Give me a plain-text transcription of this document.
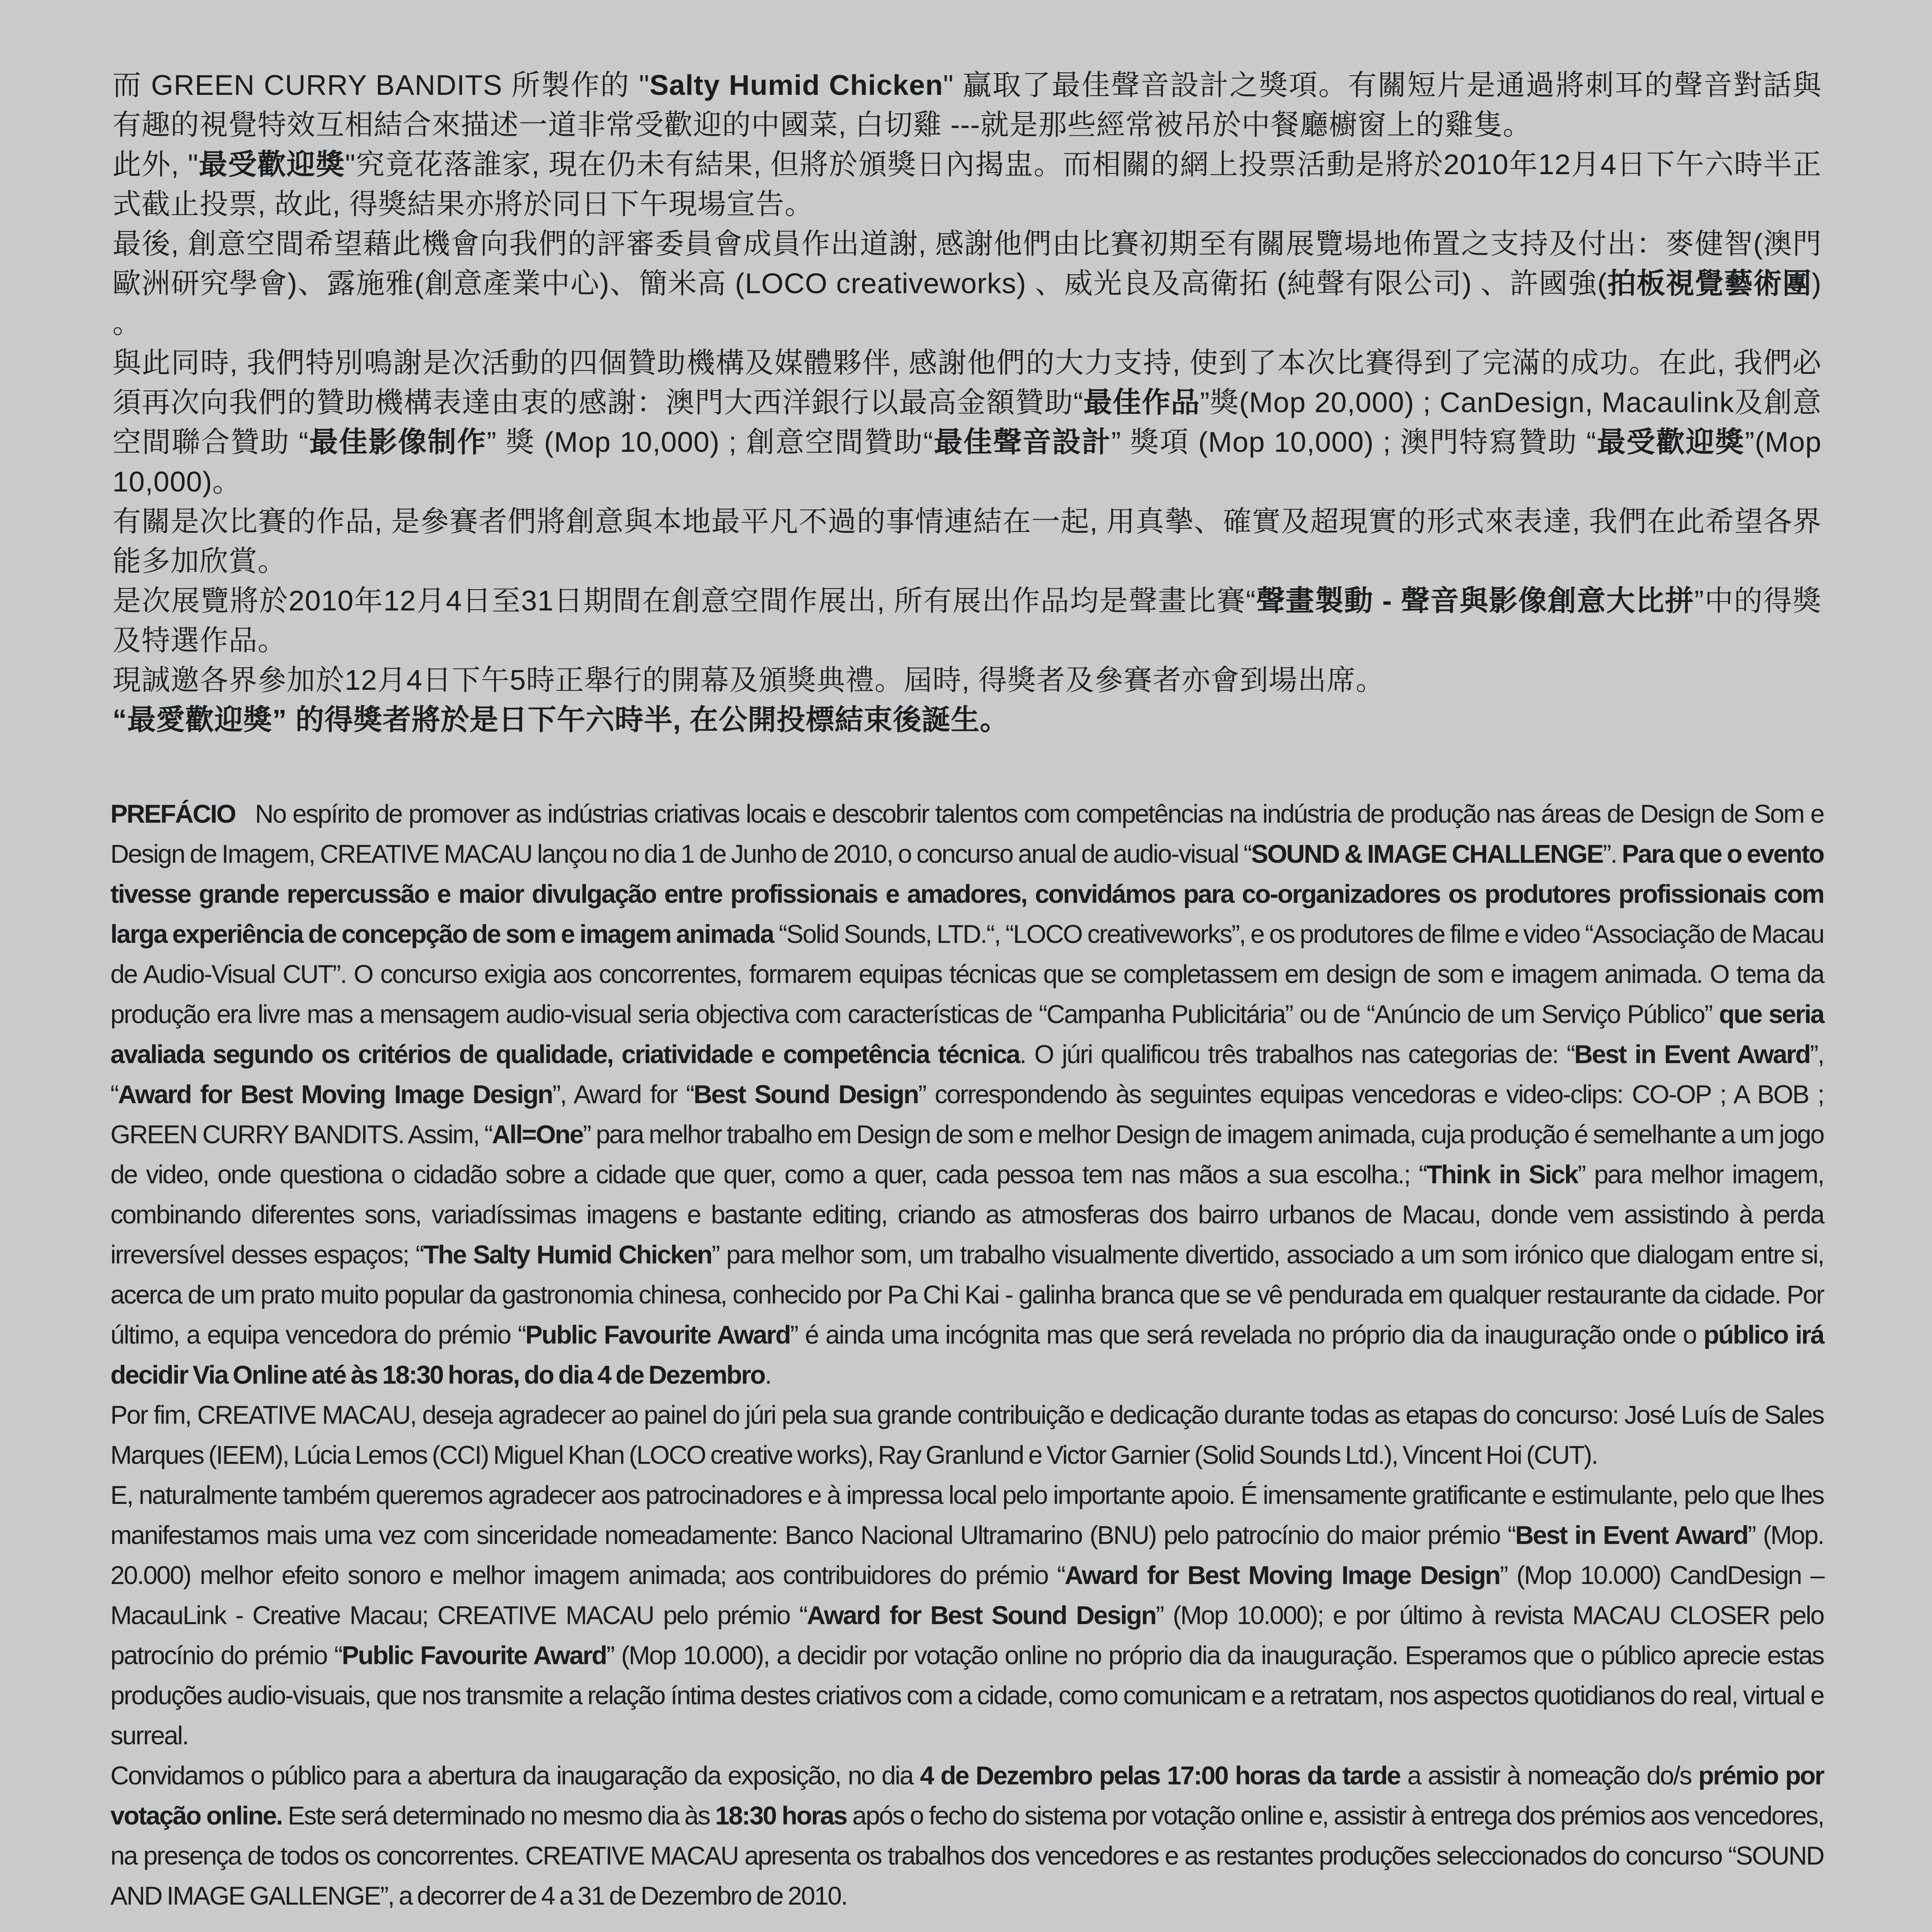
而 GREEN CURRY BANDITS 所製作的 "Salty Humid Chicken" 贏取了最佳聲音設計之獎項。有關短片是通過將刺耳的聲音對話與有趣的視覺特效互相結合來描述一道非常受歡迎的中國菜, 白切雞 ---就是那些經常被吊於中餐廳櫥窗上的雞隻。

此外, "最受歡迎獎"究竟花落誰家, 現在仍未有結果, 但將於頒獎日內揭盅。而相關的網上投票活動是將於2010年12月4日下午六時半正式截止投票, 故此, 得獎結果亦將於同日下午現場宣告。

最後, 創意空間希望藉此機會向我們的評審委員會成員作出道謝, 感謝他們由比賽初期至有關展覽場地佈置之支持及付出：麥健智(澳門歐洲研究學會)、露施雅(創意產業中心)、簡米高 (LOCO creativeworks) 、威光良及高衛拓 (純聲有限公司) 、許國強(拍板視覺藝術團) 。

與此同時, 我們特別鳴謝是次活動的四個贊助機構及媒體夥伴, 感謝他們的大力支持, 使到了本次比賽得到了完滿的成功。在此, 我們必須再次向我們的贊助機構表達由衷的感謝：澳門大西洋銀行以最高金額贊助“最佳作品”獎(Mop 20,000) ; CanDesign, Macaulink及創意空間聯合贊助 “最佳影像制作” 獎 (Mop 10,000) ; 創意空間贊助“最佳聲音設計” 獎項 (Mop 10,000) ; 澳門特寫贊助 “最受歡迎獎”(Mop 10,000)。

有關是次比賽的作品, 是參賽者們將創意與本地最平凡不過的事情連結在一起, 用真摰、確實及超現實的形式來表達, 我們在此希望各界能多加欣賞。

是次展覽將於2010年12月4日至31日期間在創意空間作展出, 所有展出作品均是聲畫比賽“聲畫製動 - 聲音與影像創意大比拼”中的得獎及特選作品。

現誠邀各界參加於12月4日下午5時正舉行的開幕及頒獎典禮。屆時, 得獎者及參賽者亦會到場出席。

“最愛歡迎獎” 的得獎者將於是日下午六時半, 在公開投標結束後誕生。

PREFÁCIO No espírito de promover as indústrias criativas locais e descobrir talentos com competências na indústria de produção nas áreas de Design de Som e Design de Imagem, CREATIVE MACAU lançou no dia 1 de Junho de 2010, o concurso anual de audio-visual “SOUND & IMAGE CHALLENGE”. Para que o evento tivesse grande repercussão e maior divulgação entre profissionais e amadores, convidámos para co-organizadores os produtores profissionais com larga experiência de concepção de som e imagem animada “Solid Sounds, LTD.“, “LOCO creativeworks”, e os produtores de filme e video “Associação de Macau de Audio-Visual CUT”. O concurso exigia aos concorrentes, formarem equipas técnicas que se completassem em design de som e imagem animada. O tema da produção era livre mas a mensagem audio-visual seria objectiva com características de “Campanha Publicitária” ou de “Anúncio de um Serviço Público” que seria avaliada segundo os critérios de qualidade, criatividade e competência técnica. O júri qualificou três trabalhos nas categorias de: “Best in Event Award”, “Award for Best Moving Image Design”, Award for “Best Sound Design” correspondendo às seguintes equipas vencedoras e video-clips: CO-OP ; A BOB ; GREEN CURRY BANDITS. Assim, “All=One” para melhor trabalho em Design de som e melhor Design de imagem animada, cuja produção é semelhante a um jogo de video, onde questiona o cidadão sobre a cidade que quer, como a quer, cada pessoa tem nas mãos a sua escolha.; “Think in Sick” para melhor imagem, combinando diferentes sons, variadíssimas imagens e bastante editing, criando as atmosferas dos bairro urbanos de Macau, donde vem assistindo à perda irreversível desses espaços; “The Salty Humid Chicken” para melhor som, um trabalho visualmente divertido, associado a um som irónico que dialogam entre si, acerca de um prato muito popular da gastronomia chinesa, conhecido por Pa Chi Kai - galinha branca que se vê pendurada em qualquer restaurante da cidade. Por último, a equipa vencedora do prémio “Public Favourite Award” é ainda uma incógnita mas que será revelada no próprio dia da inauguração onde o público irá decidir Via Online até às 18:30 horas, do dia 4 de Dezembro.

Por fim, CREATIVE MACAU, deseja agradecer ao painel do júri pela sua grande contribuição e dedicação durante todas as etapas do concurso: José Luís de Sales Marques (IEEM), Lúcia Lemos (CCI) Miguel Khan (LOCO creative works), Ray Granlund e Victor Garnier (Solid Sounds Ltd.), Vincent Hoi (CUT).

E, naturalmente também queremos agradecer aos patrocinadores e à impressa local pelo importante apoio. É imensamente gratificante e estimulante, pelo que lhes manifestamos mais uma vez com sinceridade nomeadamente: Banco Nacional Ultramarino (BNU) pelo patrocínio do maior prémio “Best in Event Award” (Mop. 20.000) melhor efeito sonoro e melhor imagem animada; aos contribuidores do prémio “Award for Best Moving Image Design” (Mop 10.000) CandDesign – MacauLink - Creative Macau; CREATIVE MACAU pelo prémio “Award for Best Sound Design” (Mop 10.000); e por último à revista MACAU CLOSER pelo patrocínio do prémio “Public Favourite Award” (Mop 10.000), a decidir por votação online no próprio dia da inauguração. Esperamos que o público aprecie estas produções audio-visuais, que nos transmite a relação íntima destes criativos com a cidade, como comunicam e a retratam, nos aspectos quotidianos do real, virtual e surreal.

Convidamos o público para a abertura da inaugaração da exposição, no dia 4 de Dezembro pelas 17:00 horas da tarde a assistir à nomeação do/s prémio por votação online. Este será determinado no mesmo dia às 18:30 horas após o fecho do sistema por votação online e, assistir à entrega dos prémios aos vencedores, na presença de todos os concorrentes. CREATIVE MACAU apresenta os trabalhos dos vencedores e as restantes produções seleccionados do concurso “SOUND AND IMAGE GALLENGE”, a decorrer de 4 a 31 de Dezembro de 2010.
